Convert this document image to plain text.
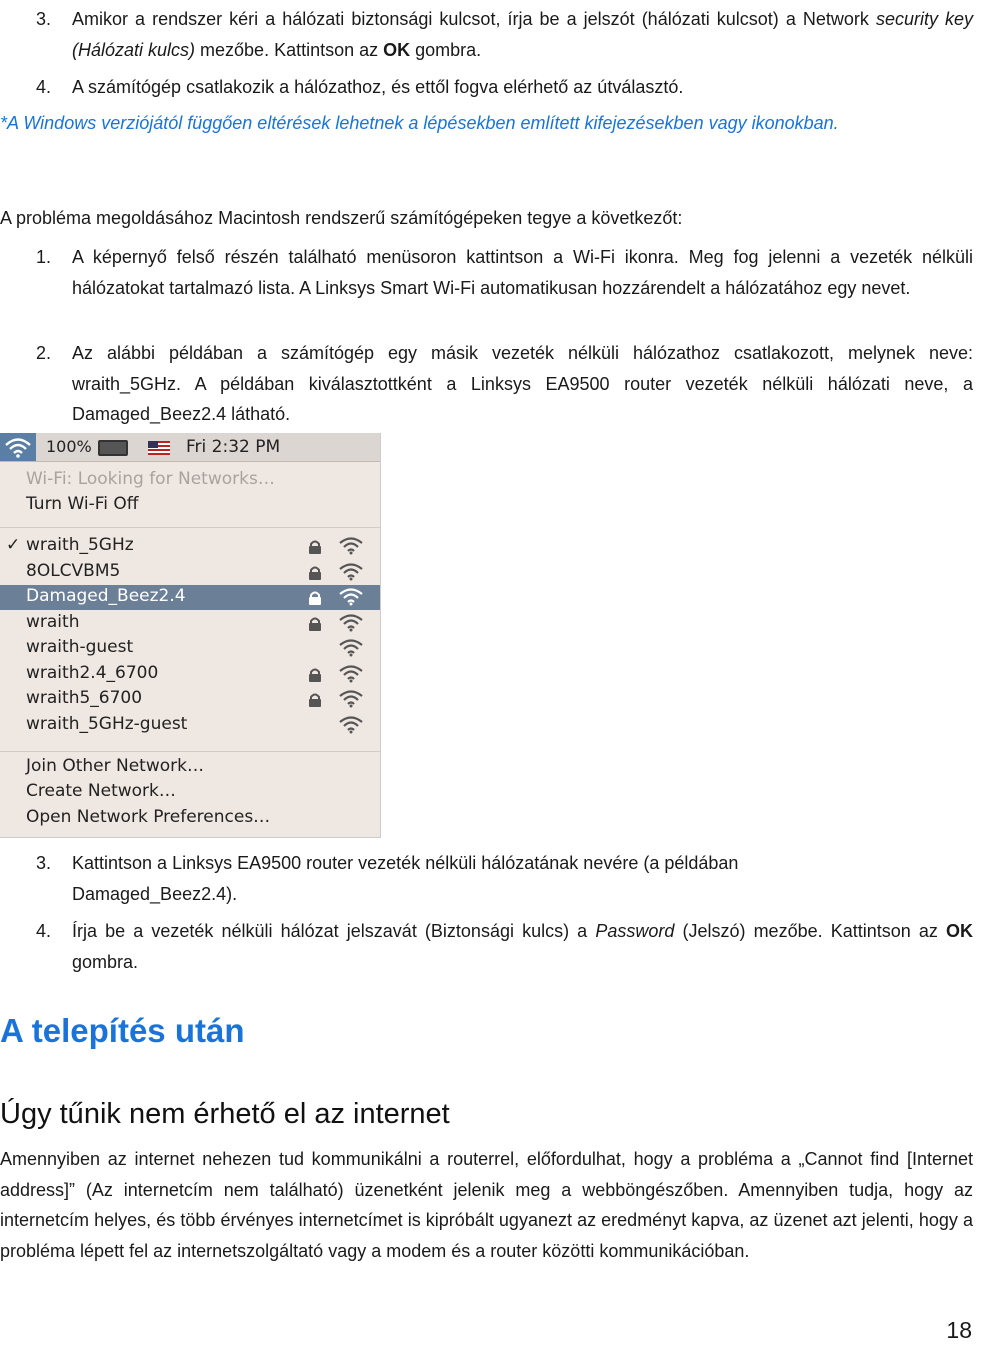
3.	Amikor a rendszer kéri a hálózati biztonsági kulcsot, írja be a jelszót (hálózati kulcsot) a Network security key (Hálózati kulcs) mezőbe. Kattintson az OK gombra.
4.	A számítógép csatlakozik a hálózathoz, és ettől fogva elérhető az útválasztó.
*A Windows verziójától függően eltérések lehetnek a lépésekben említett kifejezésekben vagy ikonokban.
A probléma megoldásához Macintosh rendszerű számítógépeken tegye a következőt:
1.	A képernyő felső részén található menüsoron kattintson a Wi-Fi ikonra. Meg fog jelenni a vezeték nélküli hálózatokat tartalmazó lista. A Linksys Smart Wi-Fi automatikusan hozzárendelt a hálózatához egy nevet.
2.	Az alábbi példában a számítógép egy másik vezeték nélküli hálózathoz csatlakozott, melynek neve: wraith_5GHz. A példában kiválasztottként a Linksys EA9500 router vezeték nélküli hálózati neve, a Damaged_Beez2.4 látható.
100%	Fri 2:32 PM
Wi-Fi: Looking for Networks…
Turn Wi-Fi Off
✓ wraith_5GHz
8OLCVBM5
Damaged_Beez2.4
wraith
wraith-guest
wraith2.4_6700
wraith5_6700
wraith_5GHz-guest
Join Other Network…
Create Network…
Open Network Preferences…
3.	Kattintson a Linksys EA9500 router vezeték nélküli hálózatának nevére (a példában Damaged_Beez2.4).
4.	Írja be a vezeték nélküli hálózat jelszavát (Biztonsági kulcs) a Password (Jelszó) mezőbe. Kattintson az OK gombra.
A telepítés után
Úgy tűnik nem érhető el az internet
Amennyiben az internet nehezen tud kommunikálni a routerrel, előfordulhat, hogy a probléma a „Cannot find [Internet address]” (Az internetcím nem található) üzenetként jelenik meg a webböngészőben. Amennyiben tudja, hogy az internetcím helyes, és több érvényes internetcímet is kipróbált ugyanezt az eredményt kapva, az üzenet azt jelenti, hogy a probléma lépett fel az internetszolgáltató vagy a modem és a router közötti kommunikációban.
18
